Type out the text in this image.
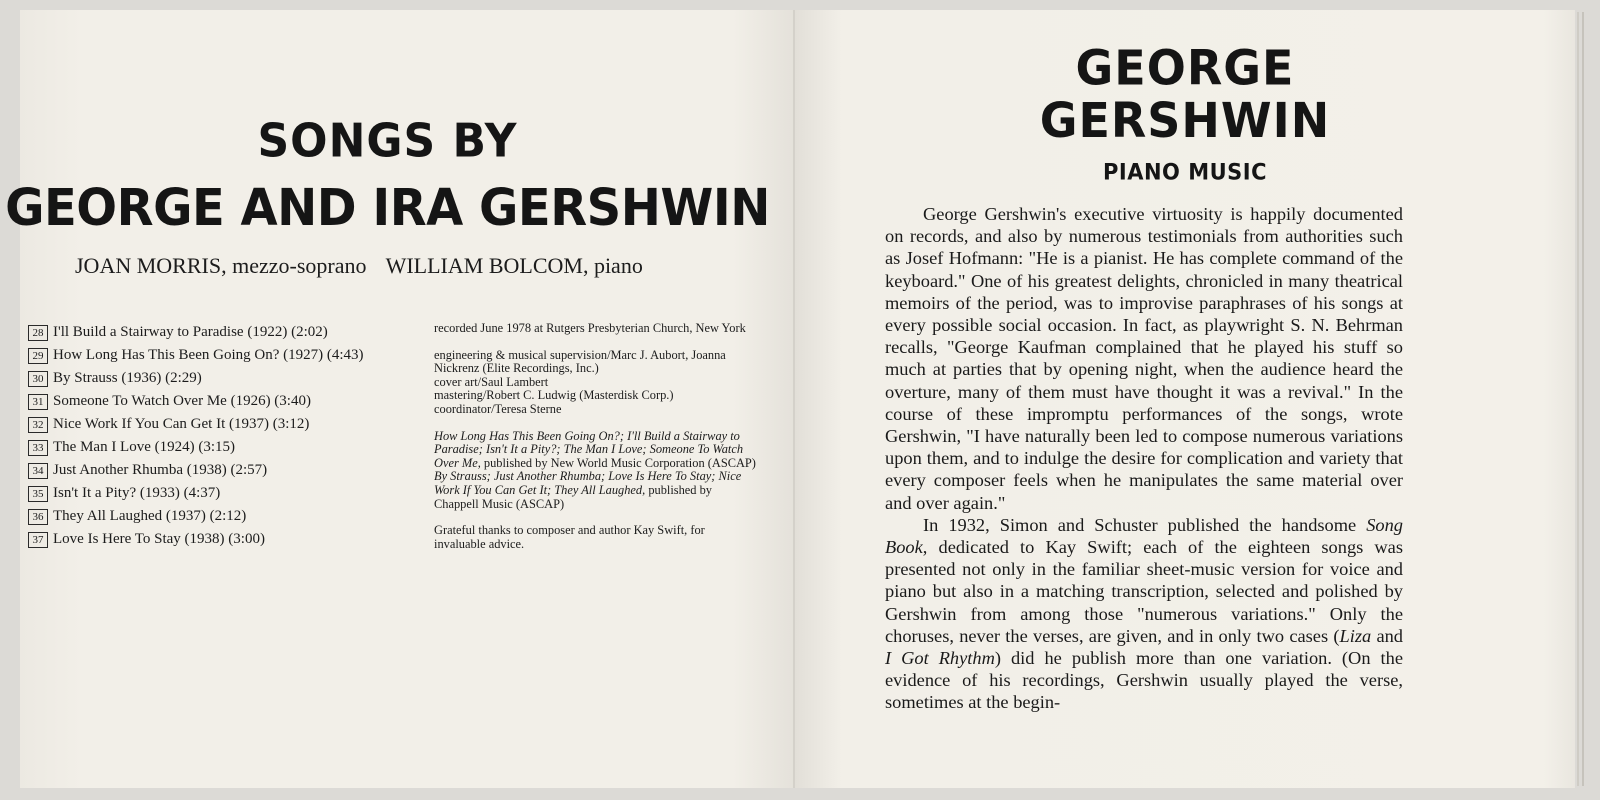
SONGS BY
GEORGE AND IRA GERSHWIN

JOAN MORRIS, mezzo-soprano WILLIAM BOLCOM, piano

28 I'll Build a Stairway to Paradise (1922) (2:02)
29 How Long Has This Been Going On? (1927) (4:43)
30 By Strauss (1936) (2:29)
31 Someone To Watch Over Me (1926) (3:40)
32 Nice Work If You Can Get It (1937) (3:12)
33 The Man I Love (1924) (3:15)
34 Just Another Rhumba (1938) (2:57)
35 Isn't It a Pity? (1933) (4:37)
36 They All Laughed (1937) (2:12)
37 Love Is Here To Stay (1938) (3:00)

recorded June 1978 at Rutgers Presbyterian Church, New York

engineering & musical supervision/Marc J. Aubort, Joanna Nickrenz (Elite Recordings, Inc.)
cover art/Saul Lambert
mastering/Robert C. Ludwig (Masterdisk Corp.)
coordinator/Teresa Sterne

How Long Has This Been Going On?; I'll Build a Stairway to Paradise; Isn't It a Pity?; The Man I Love; Someone To Watch Over Me, published by New World Music Corporation (ASCAP)
By Strauss; Just Another Rhumba; Love Is Here To Stay; Nice Work If You Can Get It; They All Laughed, published by Chappell Music (ASCAP)

Grateful thanks to composer and author Kay Swift, for invaluable advice.

GEORGE
GERSHWIN
PIANO MUSIC

George Gershwin's executive virtuosity is happily documented on records, and also by numerous testimonials from authorities such as Josef Hofmann: "He is a pianist. He has complete command of the keyboard." One of his greatest delights, chronicled in many theatrical memoirs of the period, was to improvise paraphrases of his songs at every possible social occasion. In fact, as playwright S. N. Behrman recalls, "George Kaufman complained that he played his stuff so much at parties that by opening night, when the audience heard the overture, many of them must have thought it was a revival." In the course of these impromptu performances of the songs, wrote Gershwin, "I have naturally been led to compose numerous variations upon them, and to indulge the desire for complication and variety that every composer feels when he manipulates the same material over and over again."

In 1932, Simon and Schuster published the handsome Song Book, dedicated to Kay Swift; each of the eighteen songs was presented not only in the familiar sheet-music version for voice and piano but also in a matching transcription, selected and polished by Gershwin from among those "numerous variations." Only the choruses, never the verses, are given, and in only two cases (Liza and I Got Rhythm) did he publish more than one variation. (On the evidence of his recordings, Gershwin usually played the verse, sometimes at the begin-
